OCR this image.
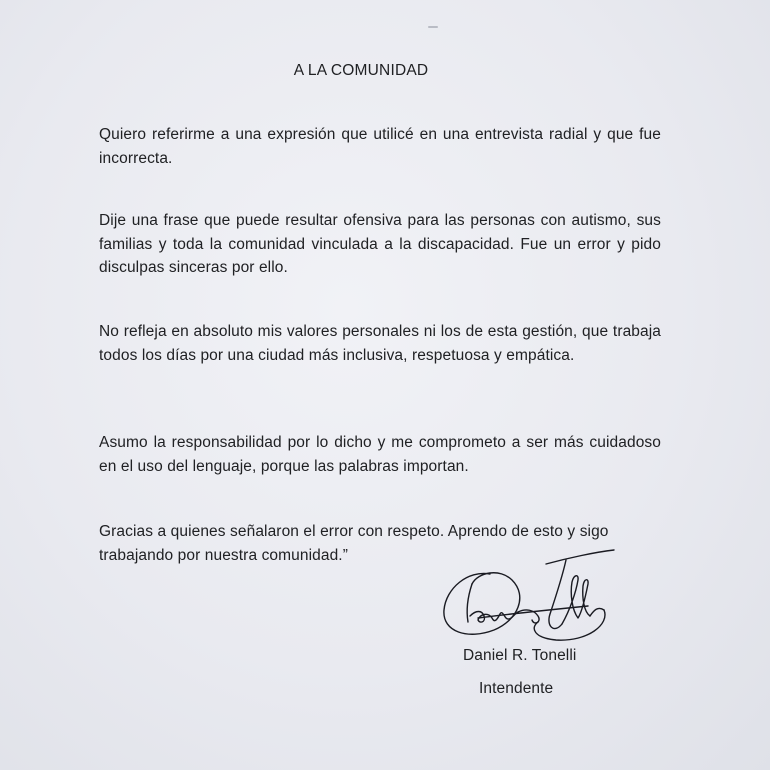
A LA COMUNIDAD
Quiero referirme a una expresión que utilicé en una entrevista radial y que fue incorrecta.
Dije una frase que puede resultar ofensiva para las personas con autismo, sus familias y toda la comunidad vinculada a la discapacidad. Fue un error y pido disculpas sinceras por ello.
No refleja en absoluto mis valores personales ni los de esta gestión, que trabaja todos los días por una ciudad más inclusiva, respetuosa y empática.
Asumo la responsabilidad por lo dicho y me comprometo a ser más cuidadoso en el uso del lenguaje, porque las palabras importan.
Gracias a quienes señalaron el error con respeto. Aprendo de esto y sigo trabajando por nuestra comunidad.”
Daniel R. Tonelli
Intendente
